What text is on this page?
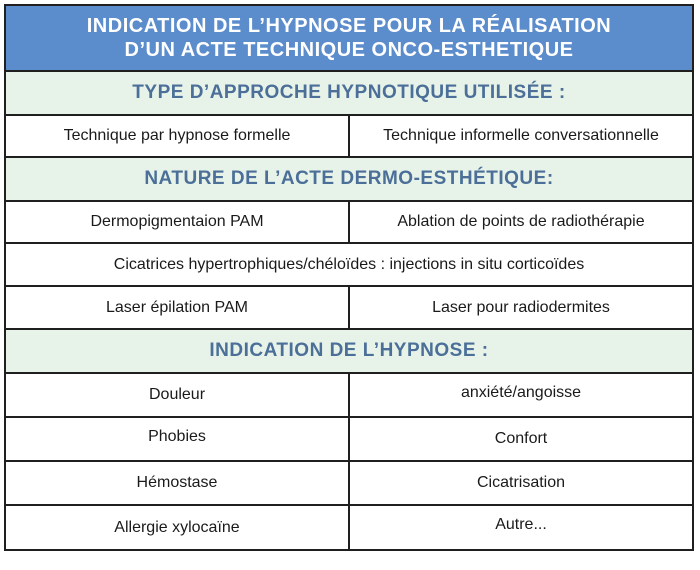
INDICATION DE L’HYPNOSE POUR LA RÉALISATION
D’UN ACTE TECHNIQUE ONCO-ESTHETIQUE
TYPE D’APPROCHE HYPNOTIQUE UTILISÉE :
Technique par hypnose formelle	Technique informelle conversationnelle
NATURE DE L’ACTE DERMO-ESTHÉTIQUE:
Dermopigmentaion PAM	Ablation de points de radiothérapie
Cicatrices hypertrophiques/chéloïdes : injections in situ corticoïdes
Laser épilation PAM	Laser pour radiodermites
INDICATION DE L’HYPNOSE :
Douleur	anxiété/angoisse
Phobies	Confort
Hémostase	Cicatrisation
Allergie xylocaïne	Autre...
